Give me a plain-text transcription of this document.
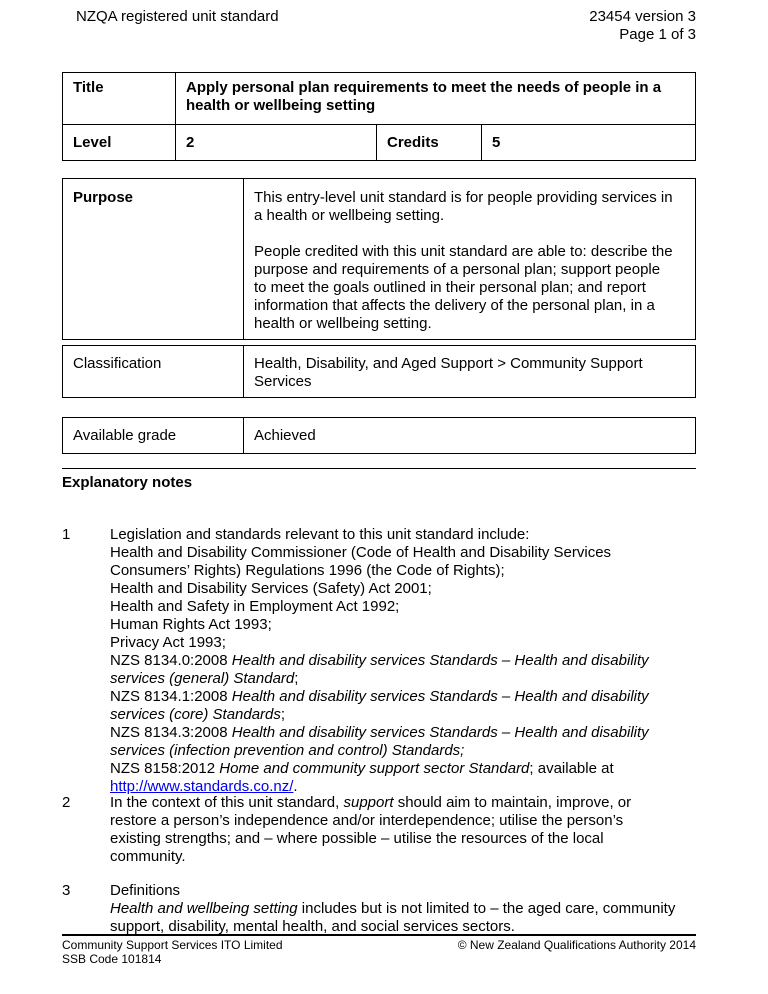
NZQA registered unit standard	23454 version 3
Page 1 of 3
Title	Apply personal plan requirements to meet the needs of people in a
health or wellbeing setting		

Level	2	Credits	5
Purpose	This entry-level unit standard is for people providing services in
a health or wellbeing setting.
People credited with this unit standard are able to: describe the
purpose and requirements of a personal plan; support people
to meet the goals outlined in their personal plan; and report
information that affects the delivery of the personal plan, in a
health or wellbeing setting.
Classification	Health, Disability, and Aged Support > Community Support
Services
Available grade	Achieved
Explanatory notes
1	Legislation and standards relevant to this unit standard include:
Health and Disability Commissioner (Code of Health and Disability Services
Consumers’ Rights) Regulations 1996 (the Code of Rights);
Health and Disability Services (Safety) Act 2001;
Health and Safety in Employment Act 1992;
Human Rights Act 1993;
Privacy Act 1993;
NZS 8134.0:2008 Health and disability services Standards – Health and disability
services (general) Standard;
NZS 8134.1:2008 Health and disability services Standards – Health and disability
services (core) Standards;
NZS 8134.3:2008 Health and disability services Standards – Health and disability
services (infection prevention and control) Standards;
NZS 8158:2012 Home and community support sector Standard; available at
http://www.standards.co.nz/.
2	In the context of this unit standard, support should aim to maintain, improve, or
restore a person’s independence and/or interdependence; utilise the person’s
existing strengths; and – where possible – utilise the resources of the local
community.
3	Definitions
Health and wellbeing setting includes but is not limited to – the aged care, community
support, disability, mental health, and social services sectors.
Community Support Services ITO Limited
SSB Code 101814
© New Zealand Qualifications Authority 2014
